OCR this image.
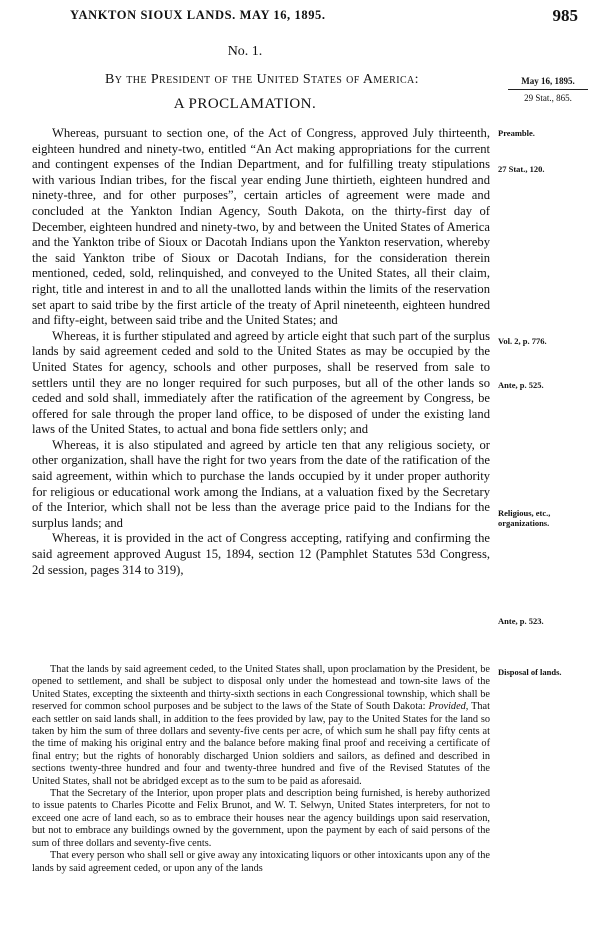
YANKTON SIOUX LANDS. MAY 16, 1895.	985
No. 1.
By the President of the United States of America:
A PROCLAMATION.
May 16, 1895.
29 Stat., 865.
Preamble.
27 Stat., 120.
Vol. 2, p. 776.
Ante, p. 525.
Religious, etc., organizations.
Ante, p. 523.
Disposal of lands.

Whereas, pursuant to section one, of the Act of Congress, approved July thirteenth, eighteen hundred and ninety-two, entitled “An Act making appropriations for the current and contingent expenses of the Indian Department, and for fulfilling treaty stipulations with various Indian tribes, for the fiscal year ending June thirtieth, eighteen hundred and ninety-three, and for other purposes”, certain articles of agreement were made and concluded at the Yankton Indian Agency, South Dakota, on the thirty-first day of December, eighteen hundred and ninety-two, by and between the United States of America and the Yankton tribe of Sioux or Dacotah Indians upon the Yankton reservation, whereby the said Yankton tribe of Sioux or Dacotah Indians, for the consideration therein mentioned, ceded, sold, relinquished, and conveyed to the United States, all their claim, right, title and interest in and to all the unallotted lands within the limits of the reservation set apart to said tribe by the first article of the treaty of April nineteenth, eighteen hundred and fifty-eight, between said tribe and the United States; and

Whereas, it is further stipulated and agreed by article eight that such part of the surplus lands by said agreement ceded and sold to the United States as may be occupied by the United States for agency, schools and other purposes, shall be reserved from sale to settlers until they are no longer required for such purposes, but all of the other lands so ceded and sold shall, immediately after the ratification of the agreement by Congress, be offered for sale through the proper land office, to be disposed of under the existing land laws of the United States, to actual and bona fide settlers only; and

Whereas, it is also stipulated and agreed by article ten that any religious society, or other organization, shall have the right for two years from the date of the ratification of the said agreement, within which to purchase the lands occupied by it under proper authority for religious or educational work among the Indians, at a valuation fixed by the Secretary of the Interior, which shall not be less than the average price paid to the Indians for the surplus lands; and

Whereas, it is provided in the act of Congress accepting, ratifying and confirming the said agreement approved August 15, 1894, section 12 (Pamphlet Statutes 53d Congress, 2d session, pages 314 to 319),

That the lands by said agreement ceded, to the United States shall, upon proclamation by the President, be opened to settlement, and shall be subject to disposal only under the homestead and town-site laws of the United States, excepting the sixteenth and thirty-sixth sections in each Congressional township, which shall be reserved for common school purposes and be subject to the laws of the State of South Dakota: Provided, That each settler on said lands shall, in addition to the fees provided by law, pay to the United States for the land so taken by him the sum of three dollars and seventy-five cents per acre, of which sum he shall pay fifty cents at the time of making his original entry and the balance before making final proof and receiving a certificate of final entry; but the rights of honorably discharged Union soldiers and sailors, as defined and described in sections twenty-three hundred and four and twenty-three hundred and five of the Revised Statutes of the United States, shall not be abridged except as to the sum to be paid as aforesaid.

That the Secretary of the Interior, upon proper plats and description being furnished, is hereby authorized to issue patents to Charles Picotte and Felix Brunot, and W. T. Selwyn, United States interpreters, for not to exceed one acre of land each, so as to embrace their houses near the agency buildings upon said reservation, but not to embrace any buildings owned by the government, upon the payment by each of said persons of the sum of three dollars and seventy-five cents.

That every person who shall sell or give away any intoxicating liquors or other intoxicants upon any of the lands by said agreement ceded, or upon any of the lands
